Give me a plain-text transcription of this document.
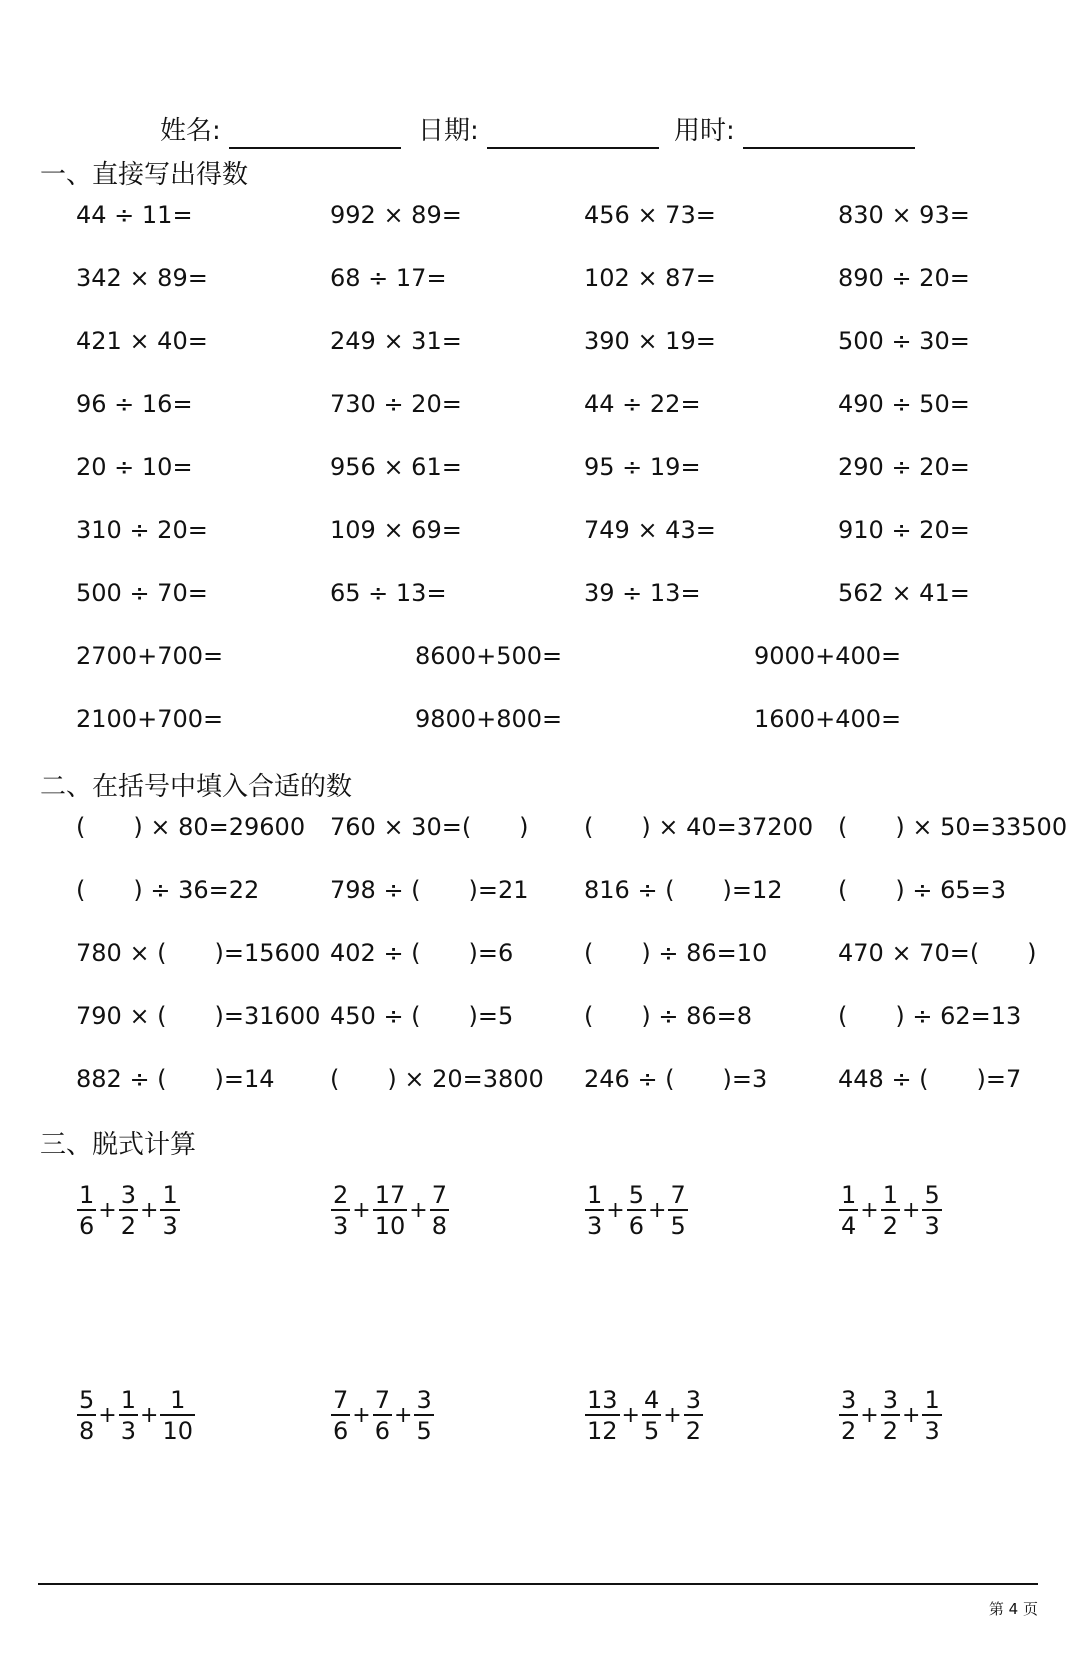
姓名:	日期:	用时:
一、直接写出得数
44 ÷ 11=	992 × 89=	456 × 73=	830 × 93=
342 × 89=	68 ÷ 17=	102 × 87=	890 ÷ 20=
421 × 40=	249 × 31=	390 × 19=	500 ÷ 30=
96 ÷ 16=	730 ÷ 20=	44 ÷ 22=	490 ÷ 50=
20 ÷ 10=	956 × 61=	95 ÷ 19=	290 ÷ 20=
310 ÷ 20=	109 × 69=	749 × 43=	910 ÷ 20=
500 ÷ 70=	65 ÷ 13=	39 ÷ 13=	562 × 41=
2700+700=	8600+500=	9000+400=
2100+700=	9800+800=	1600+400=
二、在括号中填入合适的数
(　　) × 80=29600 760 × 30=(　　) (　　) × 40=37200 (　　) × 50=33500
(　　) ÷ 36=22	798 ÷ (　　)=21 816 ÷ (　　)=12 (　　) ÷ 65=3
780 × (　　)=15600 402 ÷ (　　)=6	(　　) ÷ 86=10	470 × 70=(　　)
790 × (　　)=31600 450 ÷ (　　)=5	(　　) ÷ 86=8	(　　) ÷ 62=13
882 ÷ (　　)=14 (　　) × 20=3800 246 ÷ (　　)=3	448 ÷ (　　)=7
三、脱式计算
$\frac{1}{6} + \frac{3}{2} + \frac{1}{3}$	$\frac{2}{3} + \frac{17}{10} + \frac{7}{8}$	$\frac{1}{3} + \frac{5}{6} + \frac{7}{5}$	$\frac{1}{4} + \frac{1}{2} + \frac{5}{3}$
$\frac{5}{8} + \frac{1}{3} + \frac{1}{10}$	$\frac{7}{6} + \frac{7}{6} + \frac{3}{5}$	$\frac{13}{12} + \frac{4}{5} + \frac{3}{2}$	$\frac{3}{2} + \frac{3}{2} + \frac{1}{3}$
第 4 页
